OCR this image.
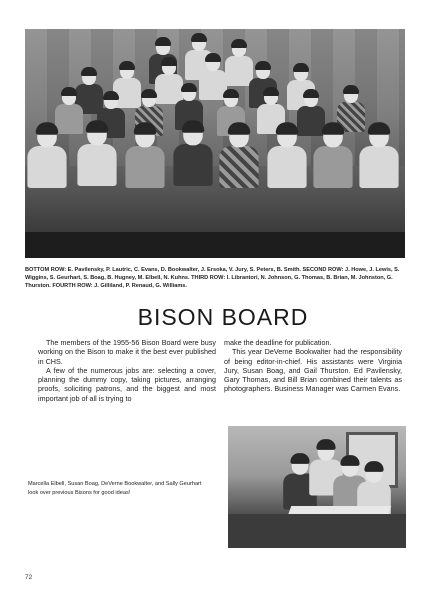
BOTTOM ROW: E. Pavilensky, P. Lautric, C. Evans, D. Bookwalter, J. Ersoka, V. Jury, S. Peters, B. Smith. SECOND ROW: J. Howe, J. Lewis, S. Wiggins, S. Geurhart, S. Boag, B. Hugney, M. Elbell, N. Kuhns. THIRD ROW: I. Librantori, N. Johnson, G. Thomas, B. Brian, M. Johnston, G. Thurston. FOURTH ROW: J. Gilliland, P. Renaud, G. Williams.
BISON BOARD

The members of the 1955-56 Bison Board were busy working on the Bison to make it the best ever published in CHS.

A few of the numerous jobs are: selecting a cover, planning the dummy copy, taking pictures, arranging proofs, soliciting patrons, and the biggest and most important job of all is trying to

make the deadline for publication.

This year DeVerne Bookwalter had the responsibility of being editor-in-chief. His assistants were Virginia Jury, Susan Boag, and Gail Thurston. Ed Pavilensky, Gary Thomas, and Bill Brian combined their talents as photographers. Business Manager was Carmen Evans.

Marcella Elbell, Susan Boag, DeVerne Bookwalter, and Sally Geurhart look over previous Bisons for good ideas!
72
